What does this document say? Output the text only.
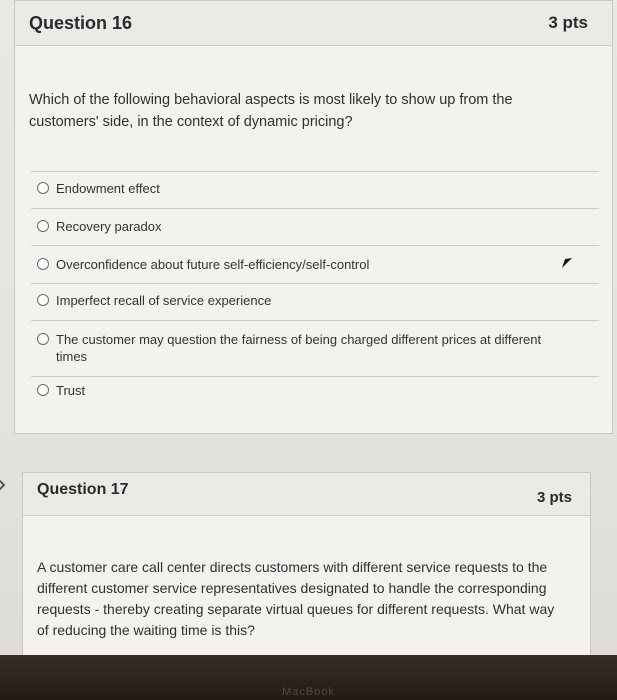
Question 16	3 pts
Which of the following behavioral aspects is most likely to show up from the customers' side, in the context of dynamic pricing?
Endowment effect
Recovery paradox
Overconfidence about future self-efficiency/self-control
Imperfect recall of service experience
The customer may question the fairness of being charged different prices at different times
Trust
Question 17	3 pts
A customer care call center directs customers with different service requests to the different customer service representatives designated to handle the corresponding requests - thereby creating separate virtual queues for different requests. What way of reducing the waiting time is this?
MacBook
